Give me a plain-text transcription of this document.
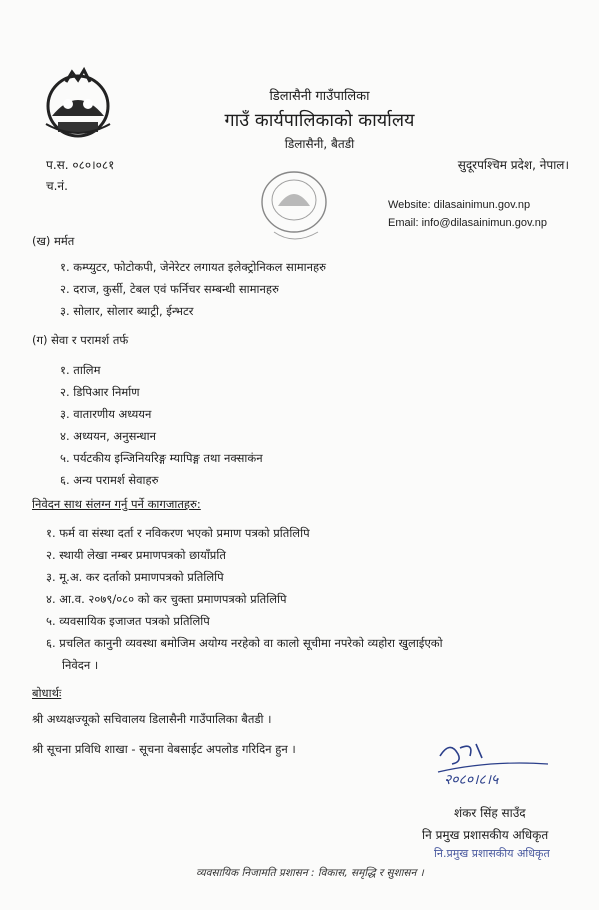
डिलासैनी गाउँपालिका
गाउँ कार्यपालिकाको कार्यालय
डिलासैनी, बैतडी
प.स. ०८०।०८१
च.नं.
सुदूरपश्चिम प्रदेश, नेपाल।
Website: dilasainimun.gov.np
Email: info@dilasainimun.gov.np
(ख) मर्मत
१. कम्प्युटर, फोटोकपी, जेनेरेटर लगायत इलेक्ट्रोनिकल सामानहरु
२. दराज, कुर्सी, टेबल एवं फर्निचर सम्बन्धी सामानहरु
३. सोलार, सोलार ब्याट्री, ईन्भटर
(ग) सेवा र परामर्श तर्फ
१. तालिम
२. डिपिआर निर्माण
३. वातारणीय अध्ययन
४. अध्ययन, अनुसन्धान
५. पर्यटकीय इन्जिनियरिङ्ग म्यापिङ्ग तथा नक्साकंन
६. अन्य परामर्श सेवाहरु
निवेदन साथ संलग्न गर्नु पर्ने कागजातहरु:
१. फर्म वा संस्था दर्ता र नविकरण भएको प्रमाण पत्रको प्रतिलिपि
२. स्थायी लेखा नम्बर प्रमाणपत्रको छायाँप्रति
३. मू.अ. कर दर्ताको प्रमाणपत्रको प्रतिलिपि
४. आ.व. २०७९/०८० को कर चुक्ता प्रमाणपत्रको प्रतिलिपि
५. व्यवसायिक इजाजत पत्रको प्रतिलिपि
६. प्रचलित कानुनी व्यवस्था बमोजिम अयोग्य नरहेको वा कालो सूचीमा नपरेको व्यहोरा खुलाईएको
निवेदन ।
बोधार्थः
श्री अध्यक्षज्यूको सचिवालय डिलासैनी गाउँपालिका बैतडी ।
श्री सूचना प्रविधि शाखा - सूचना वेबसाईट अपलोड गरिदिन हुन ।
२०८०।८।५
शंकर सिंह साउँद
नि प्रमुख प्रशासकीय अधिकृत
नि.प्रमुख प्रशासकीय अधिकृत
व्यवसायिक निजामति प्रशासन : विकास, समृद्धि र सुशासन ।
